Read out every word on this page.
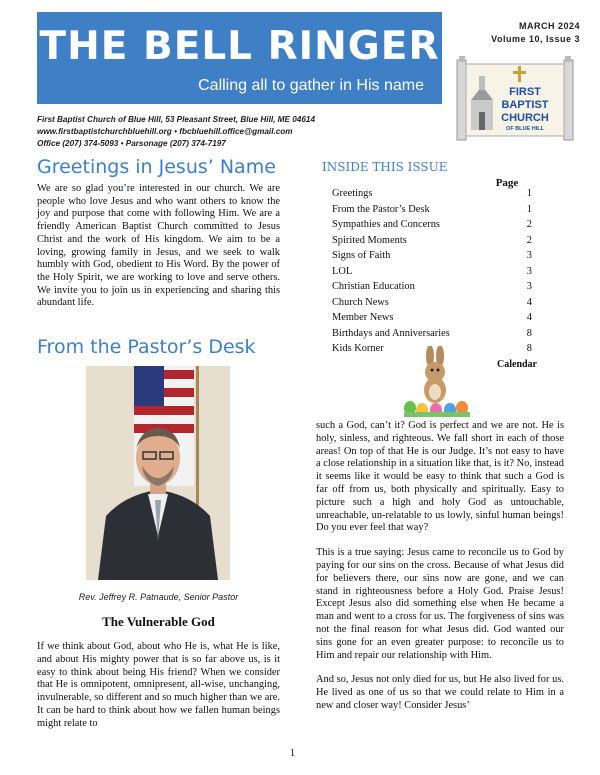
THE BELL RINGER
Calling all to gather in His name
MARCH 2024
Volume 10, Issue 3
FIRST
BAPTIST
CHURCH
OF BLUE HILL
First Baptist Church of Blue Hill, 53 Pleasant Street, Blue Hill, ME 04614
www.firstbaptistchurchbluehill.org • fbcbluehill.office@gmail.com
Office (207) 374-5093 • Parsonage (207) 374-7197
Greetings in Jesus’ Name
We are so glad you’re interested in our church. We are people who love Jesus and who want others to know the joy and purpose that come with following Him. We are a friendly American Baptist Church committed to Jesus Christ and the work of His kingdom. We aim to be a loving, growing family in Jesus, and we seek to walk humbly with God, obedient to His Word. By the power of the Holy Spirit, we are working to love and serve others. We invite you to join us in experiencing and sharing this abundant life.
From the Pastor’s Desk
Rev. Jeffrey R. Patnaude, Senior Pastor
The Vulnerable God
If we think about God, about who He is, what He is like, and about His mighty power that is so far above us, is it easy to think about being His friend? When we consider that He is omnipotent, omnipresent, all-wise, unchanging, invulnerable, so different and so much higher than we are. It can be hard to think about how we fallen human beings might relate to
INSIDE THIS ISSUE
Page
Greetings	1
From the Pastor’s Desk	1
Sympathies and Concerns	2
Spirited Moments	2
Signs of Faith	3
LOL	3
Christian Education	3
Church News	4
Member News	4
Birthdays and Anniversaries	8
Kids Korner	8
Calendar

such a God, can’t it? God is perfect and we are not. He is holy, sinless, and righteous. We fall short in each of those areas! On top of that He is our Judge. It’s not easy to have a close relationship in a situation like that, is it? No, instead it seems like it would be easy to think that such a God is far off from us, both physically and spiritually. Easy to picture such a high and holy God as untouchable, unreachable, un-relatable to us lowly, sinful human beings! Do you ever feel that way?

This is a true saying: Jesus came to reconcile us to God by paying for our sins on the cross. Because of what Jesus did for believers there, our sins now are gone, and we can stand in righteousness before a Holy God. Praise Jesus! Except Jesus also did something else when He became a man and went to a cross for us. The forgiveness of sins was not the final reason for what Jesus did. God wanted our sins gone for an even greater purpose: to reconcile us to Him and repair our relationship with Him.

And so, Jesus not only died for us, but He also lived for us. He lived as one of us so that we could relate to Him in a new and closer way! Consider Jesus’

1
